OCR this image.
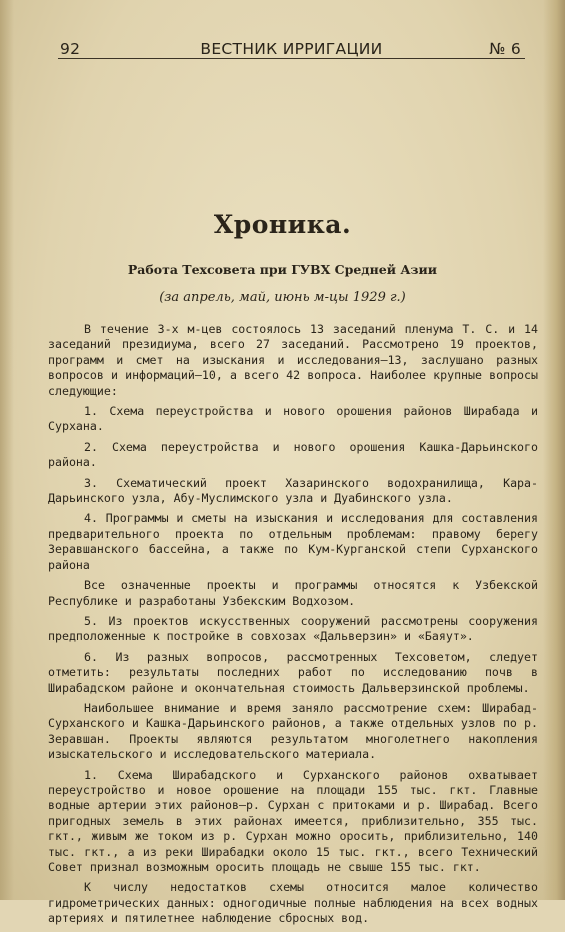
92	ВЕСТНИК ИРРИГАЦИИ	№ 6
Хроника.
Работа Техсовета при ГУВХ Средней Азии
(за апрель, май, июнь м-цы 1929 г.)

В течение 3-х м-цев состоялось 13 заседаний пленума Т. С. и 14 заседаний президиума, всего 27 заседаний. Рассмотрено 19 проектов, программ и смет на изыскания и исследования—13, заслушано разных вопросов и информаций—10, а всего 42 вопроса. Наиболее крупные вопросы следующие:

1. Схема переустройства и нового орошения районов Ширабада и Сурхана.

2. Схема переустройства и нового орошения Кашка-Дарьинского района.

3. Схематический проект Хазаринского водохранилища, Кара-Дарьинского узла, Абу-Муслимского узла и Дуабинского узла.

4. Программы и сметы на изыскания и исследования для составления предварительного проекта по отдельным проблемам: правому берегу Зеравшанского бассейна, а также по Кум-Курганской степи Сурханского района

Все означенные проекты и программы относятся к Узбекской Республике и разработаны Узбекским Водхозом.

5. Из проектов искусственных сооружений рассмотрены сооружения предположенные к постройке в совхозах «Дальверзин» и «Баяут».

6. Из разных вопросов, рассмотренных Техсоветом, следует отметить: результаты последних работ по исследованию почв в Ширабадском районе и окончательная стоимость Дальверзинской проблемы.

Наибольшее внимание и время заняло рассмотрение схем: Ширабад-Сурханского и Кашка-Дарьинского районов, а также отдельных узлов по р. Зеравшан. Проекты являются результатом многолетнего накопления изыскательского и исследовательского материала.

1. Схема Ширабадского и Сурханского районов охватывает переустройство и новое орошение на площади 155 тыс. гкт. Главные водные артерии этих районов—р. Сурхан с притоками и р. Ширабад. Всего пригодных земель в этих районах имеется, приблизительно, 355 тыс. гкт., живым же током из р. Сурхан можно оросить, приблизительно, 140 тыс. гкт., а из реки Ширабадки около 15 тыс. гкт., всего Технический Совет признал возможным оросить площадь не свыше 155 тыс. гкт.

К числу недостатков схемы относится малое количество гидрометрических данных: одногодичные полные наблюдения на всех водных артериях и пятилетнее наблюдение сбросных вод.
